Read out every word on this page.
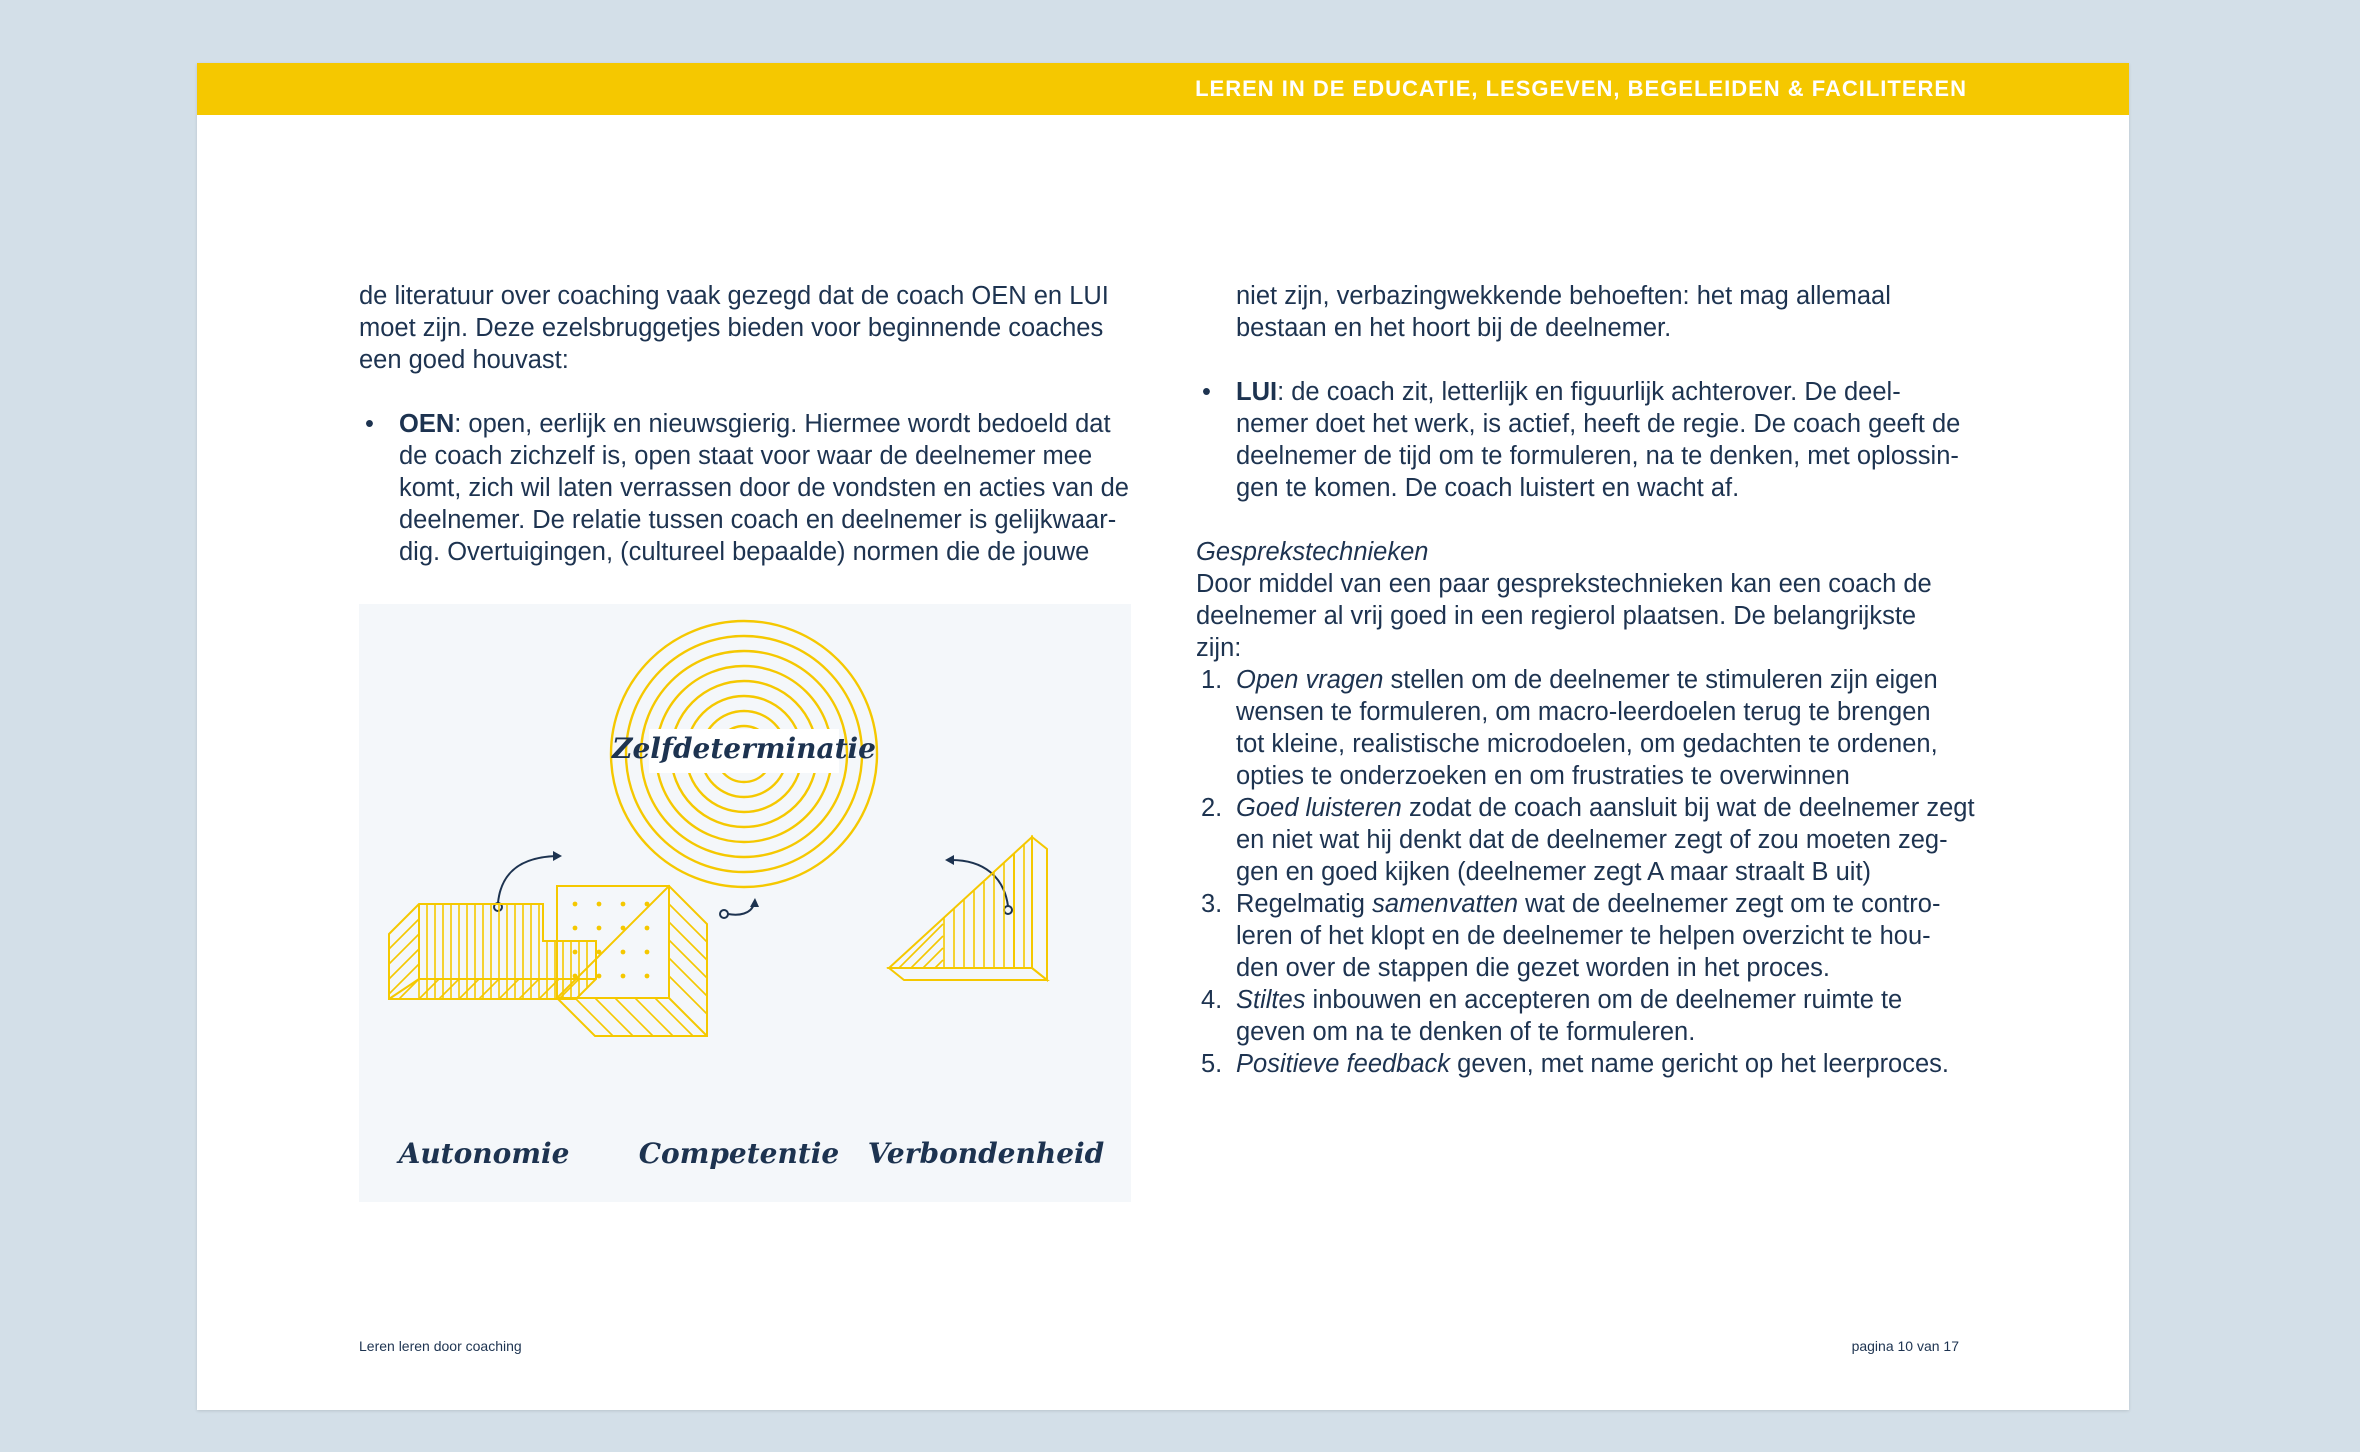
LEREN IN DE EDUCATIE, LESGEVEN, BEGELEIDEN & FACILITEREN

de literatuur over coaching vaak gezegd dat de coach OEN en LUI
moet zijn. Deze ezelsbruggetjes bieden voor beginnende coaches
een goed houvast:

• OEN: open, eerlijk en nieuwsgierig. Hiermee wordt bedoeld dat
de coach zichzelf is, open staat voor waar de deelnemer mee
komt, zich wil laten verrassen door de vondsten en acties van de
deelnemer. De relatie tussen coach en deelnemer is gelijkwaar-
dig. Overtuigingen, (cultureel bepaalde) normen die de jouwe
Zelfdeterminatie
Autonomie Competentie Verbondenheid

niet zijn, verbazingwekkende behoeften: het mag allemaal
bestaan en het hoort bij de deelnemer.

• LUI: de coach zit, letterlijk en figuurlijk achterover. De deel-
nemer doet het werk, is actief, heeft de regie. De coach geeft de
deelnemer de tijd om te formuleren, na te denken, met oplossin-
gen te komen. De coach luistert en wacht af.

Gesprekstechnieken

Door middel van een paar gesprekstechnieken kan een coach de
deelnemer al vrij goed in een regierol plaatsen. De belangrijkste
zijn:

1. Open vragen stellen om de deelnemer te stimuleren zijn eigen
wensen te formuleren, om macro-leerdoelen terug te brengen
tot kleine, realistische microdoelen, om gedachten te ordenen,
opties te onderzoeken en om frustraties te overwinnen
2. Goed luisteren zodat de coach aansluit bij wat de deelnemer zegt
en niet wat hij denkt dat de deelnemer zegt of zou moeten zeg-
gen en goed kijken (deelnemer zegt A maar straalt B uit)
3. Regelmatig samenvatten wat de deelnemer zegt om te contro-
leren of het klopt en de deelnemer te helpen overzicht te hou-
den over de stappen die gezet worden in het proces.
4. Stiltes inbouwen en accepteren om de deelnemer ruimte te
geven om na te denken of te formuleren.
5. Positieve feedback geven, met name gericht op het leerproces.
Leren leren door coaching	pagina 10 van 17
